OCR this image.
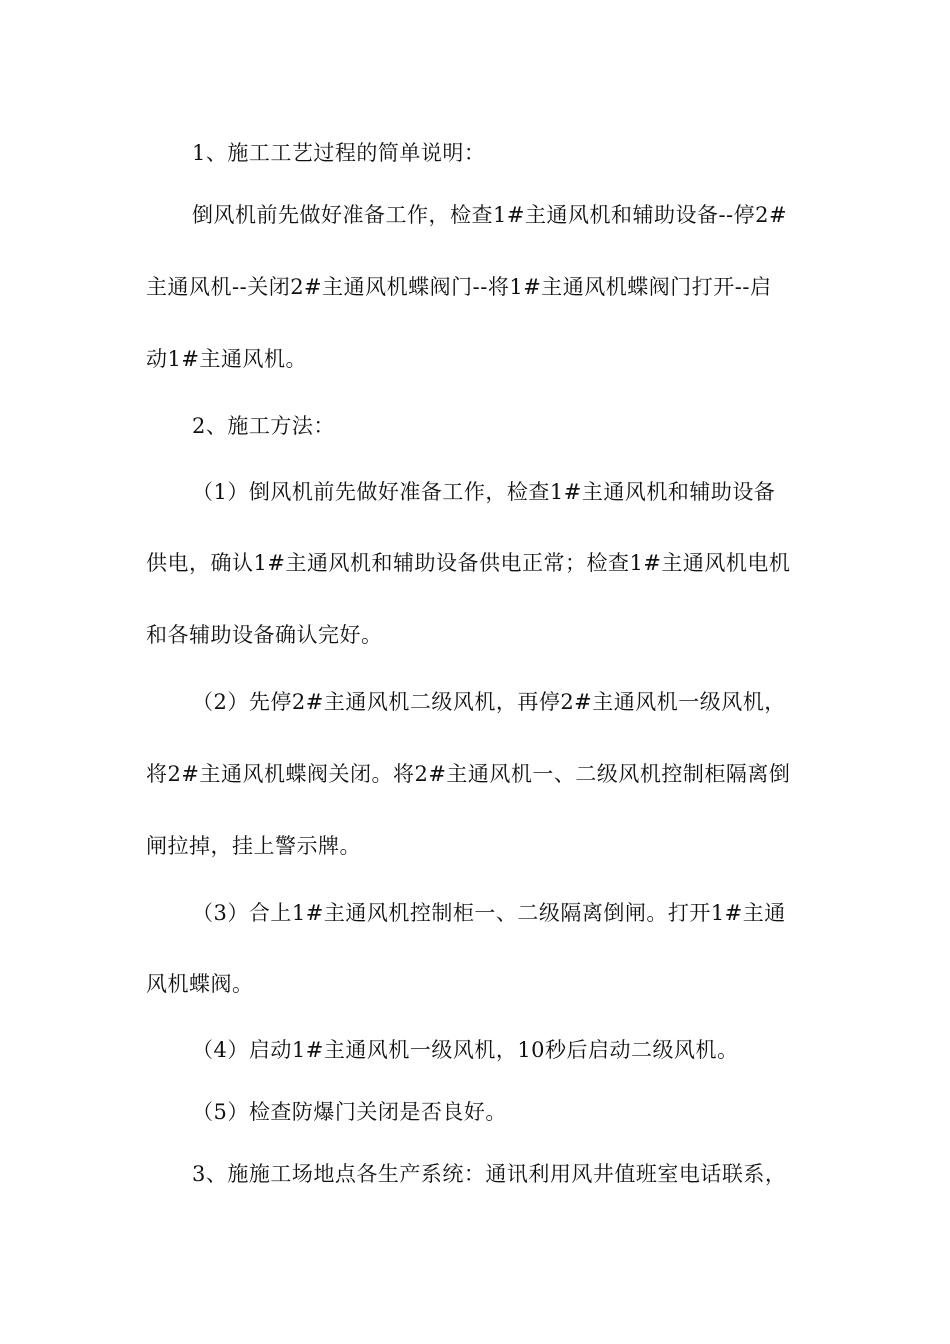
1、施工工艺过程的简单说明：
倒风机前先做好准备工作，检查1#主通风机和辅助设备--停2#
主通风机--关闭2#主通风机蝶阀门--将1#主通风机蝶阀门打开--启
动1#主通风机。
2、施工方法：
（1）倒风机前先做好准备工作，检查1#主通风机和辅助设备
供电，确认1#主通风机和辅助设备供电正常；检查1#主通风机电机
和各辅助设备确认完好。
（2）先停2#主通风机二级风机，再停2#主通风机一级风机，
将2#主通风机蝶阀关闭。将2#主通风机一、二级风机控制柜隔离倒
闸拉掉，挂上警示牌。
（3）合上1#主通风机控制柜一、二级隔离倒闸。打开1#主通
风机蝶阀。
（4）启动1#主通风机一级风机，10秒后启动二级风机。
（5）检查防爆门关闭是否良好。
3、施施工场地点各生产系统：通讯利用风井值班室电话联系，
